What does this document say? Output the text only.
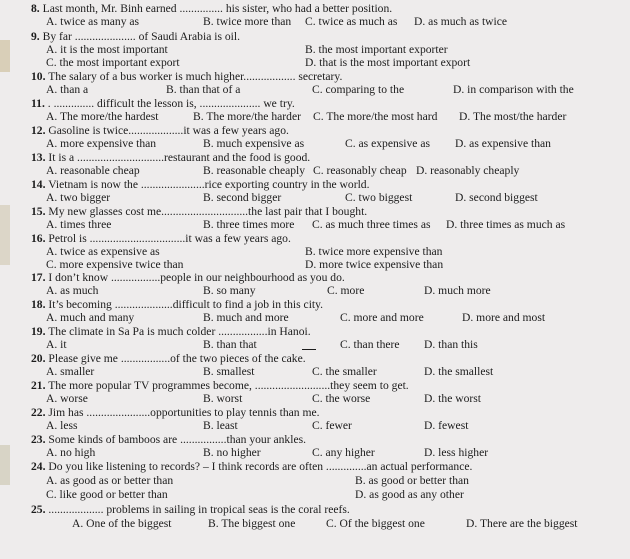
8. Last month, Mr. Binh earned ............... his sister, who had a better position.
A. twice as many as	B. twice more than C. twice as much as D. as much as twice
9. By far ..................... of Saudi Arabia is oil.
A. it is the most important	B. the most important exporter
C. the most important export	D. that is the most important export
10. The salary of a bus worker is much higher.................. secretary.
A. than a	B. than that of a	C. comparing to the	D. in comparison with the
11. . .............. difficult the lesson is, ..................... we try.
A. The more/the hardest	B. The more/the harder C. The more/the most hard D. The most/the harder
12. Gasoline is twice...................it was a few years ago.
A. more expensive than	B. much expensive as	C. as expensive as D. as expensive than
13. It is a ..............................restaurant and the food is good.
A. reasonable cheap	B. reasonable cheaply C. reasonably cheap D. reasonably cheaply
14. Vietnam is now the ......................rice exporting country in the world.
A. two bigger	B. second bigger	C. two biggest	D. second biggest
15. My new glasses cost me..............................the last pair that I bought.
A. times three	B. three times more C. as much three times as D. three times as much as
16. Petrol is .................................it was a few years ago.
A. twice as expensive as	B. twice more expensive than
C. more expensive twice than	D. more twice expensive than
17. I don’t know .................people in our neighbourhood as you do.
A. as much	B. so many	C. more	D. much more
18. It’s becoming ....................difficult to find a job in this city.
A. much and many	B. much and more	C. more and more	D. more and most
19. The climate in Sa Pa is much colder .................in Hanoi.
A. it	B. than that	C. than there D. than this
20. Please give me .................of the two pieces of the cake.
A. smaller	B. smallest	C. the smaller	D. the smallest
21. The more popular TV programmes become, ..........................they seem to get.
A. worse	B. worst	C. the worse	D. the worst
22. Jim has ......................opportunities to play tennis than me.
A. less	B. least	C. fewer	D. fewest
23. Some kinds of bamboos are ................than your ankles.
A. no high	B. no higher	C. any higher	D. less higher
24. Do you like listening to records? – I think records are often ..............an actual performance.
A. as good as or better than	B. as good or better than
C. like good or better than	D. as good as any other
25. ................... problems in sailing in tropical seas is the coral reefs.
A. One of the biggest	B. The biggest one	C. Of the biggest one	D. There are the biggest
